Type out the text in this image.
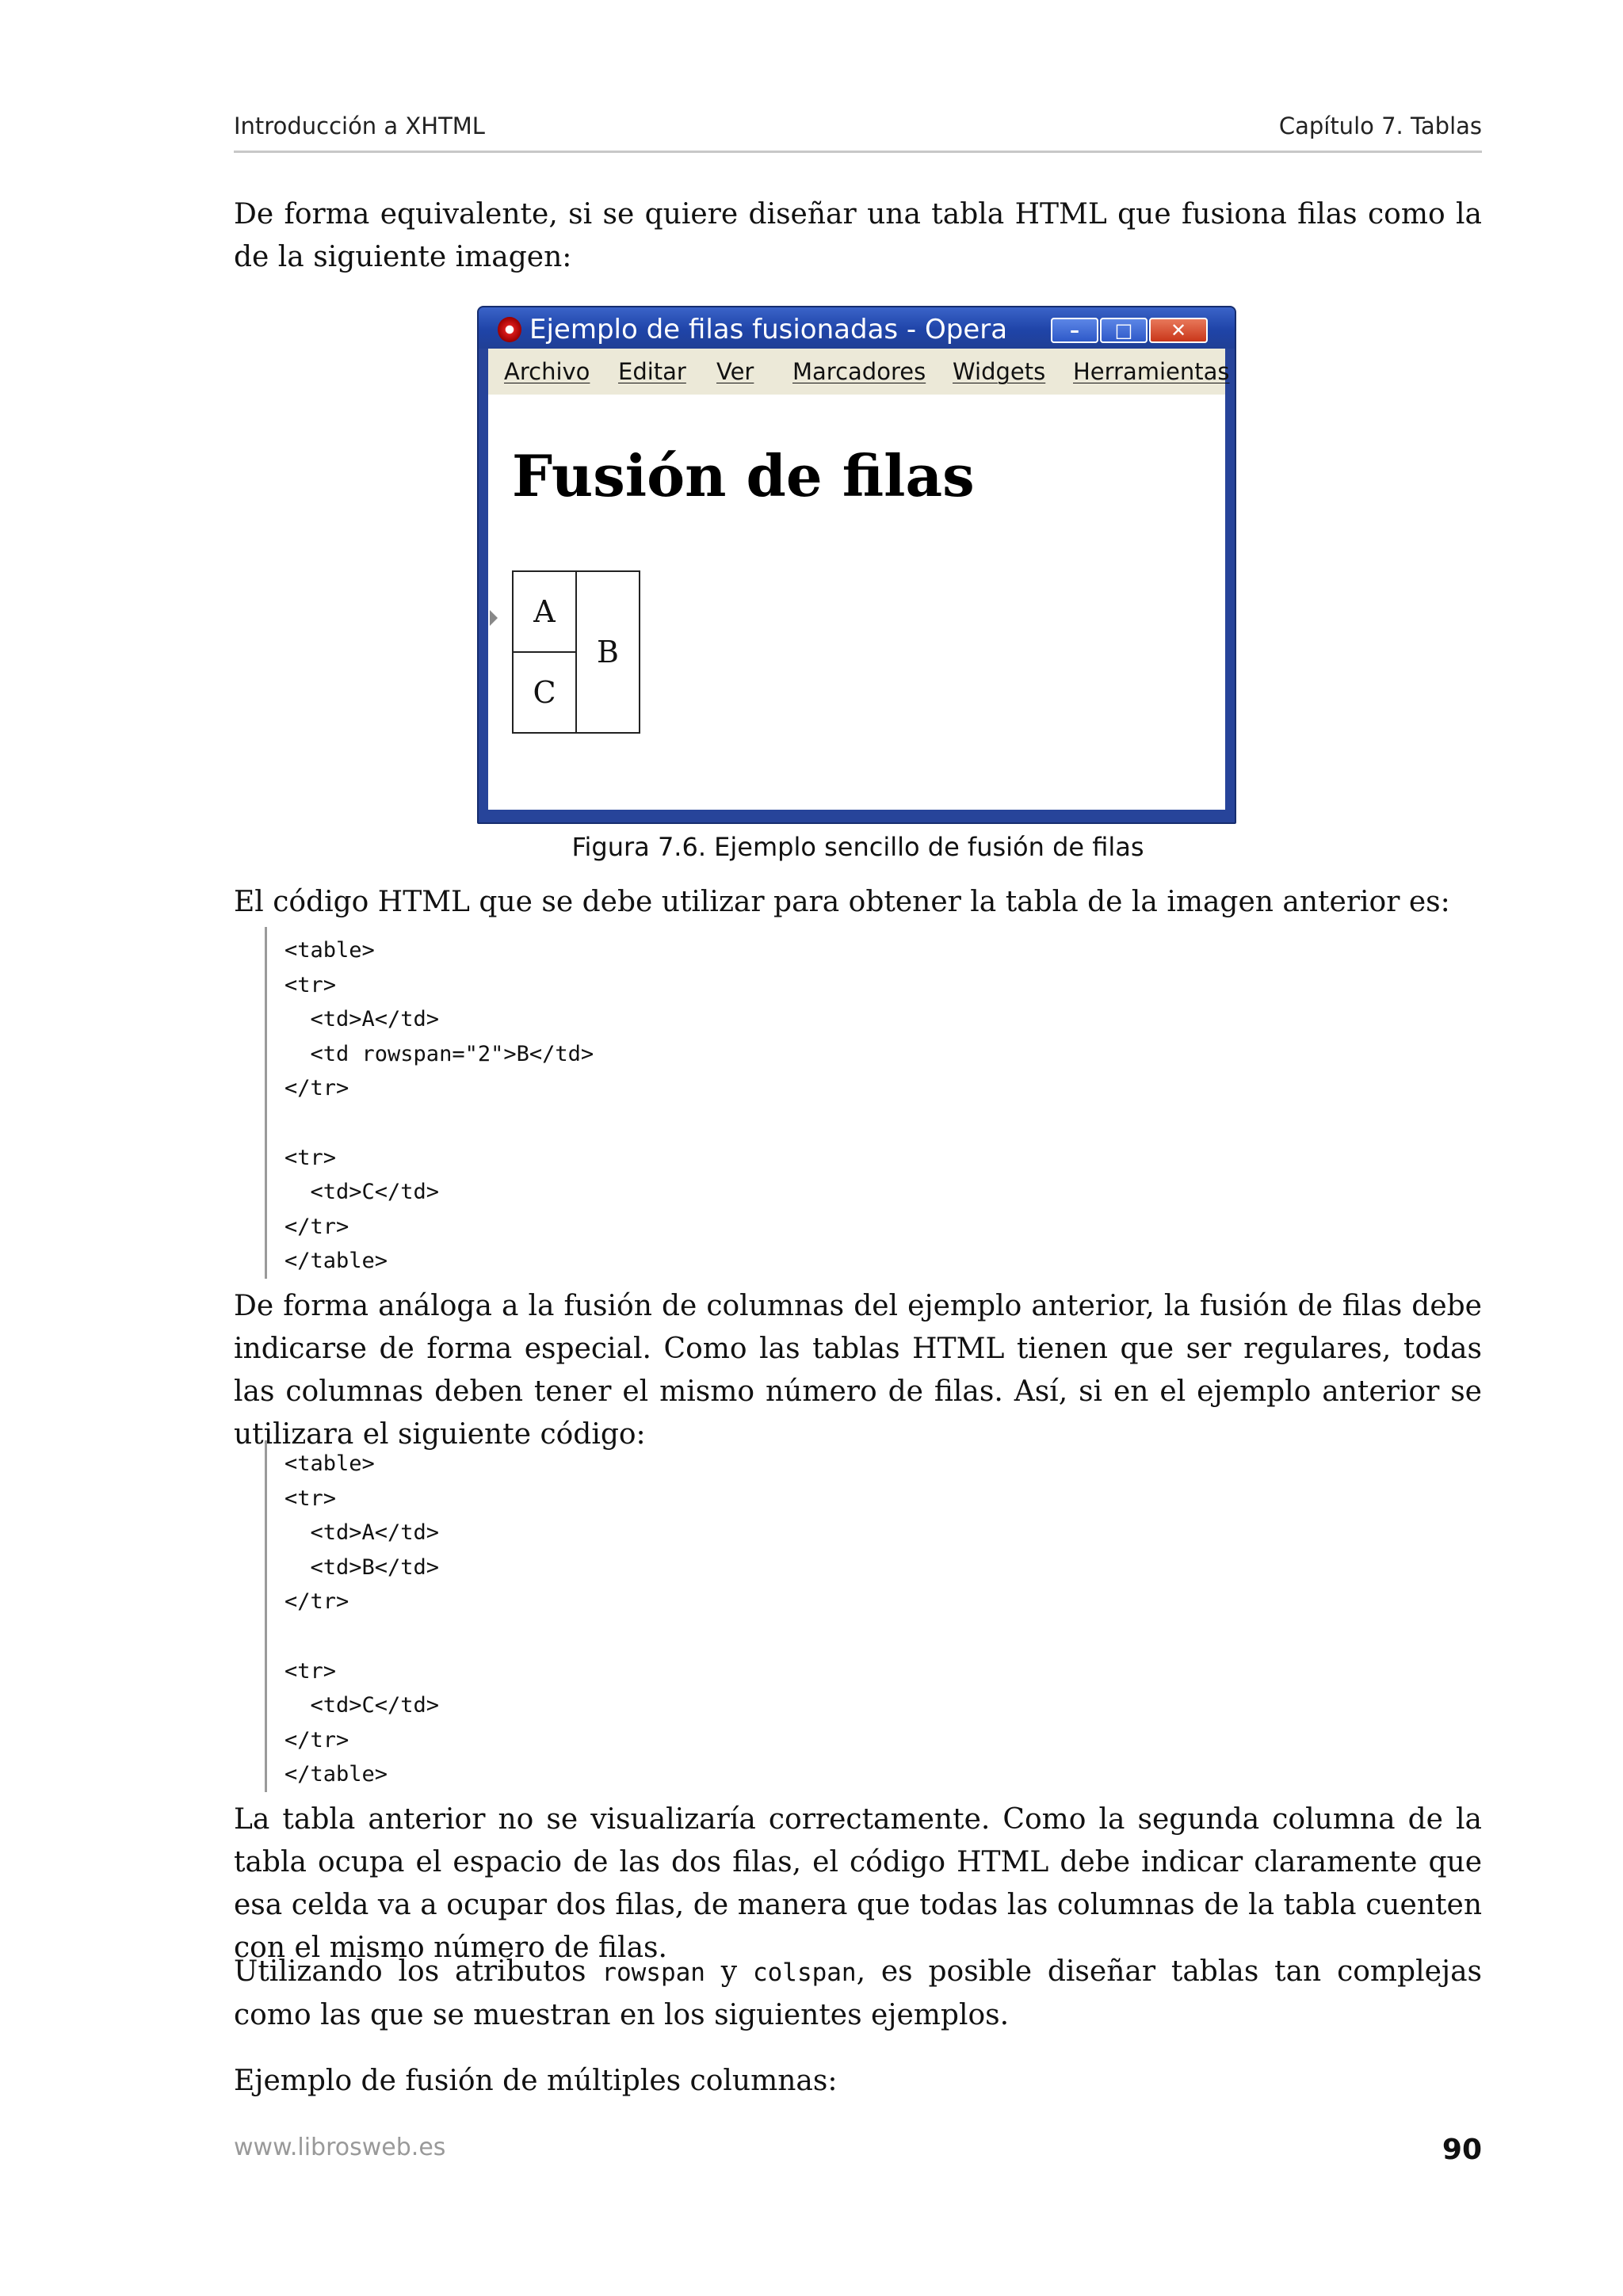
Introducción a XHTML	Capítulo 7. Tablas

De forma equivalente, si se quiere diseñar una tabla HTML que fusiona filas como la de la siguiente imagen:

Ejemplo de filas fusionadas - Opera	–	□	✕
Archivo Editar Ver Marcadores Widgets Herramientas
Fusión de filas
A	B
C
Figura 7.6. Ejemplo sencillo de fusión de filas

El código HTML que se debe utilizar para obtener la tabla de la imagen anterior es:

<table>
<tr>
<td>A</td>
<td rowspan="2">B</td>
</tr>

<tr>
<td>C</td>
</tr>
</table>

De forma análoga a la fusión de columnas del ejemplo anterior, la fusión de filas debe indicarse de forma especial. Como las tablas HTML tienen que ser regulares, todas las columnas deben tener el mismo número de filas. Así, si en el ejemplo anterior se utilizara el siguiente código:

<table>
<tr>
<td>A</td>
<td>B</td>
</tr>

<tr>
<td>C</td>
</tr>
</table>

La tabla anterior no se visualizaría correctamente. Como la segunda columna de la tabla ocupa el espacio de las dos filas, el código HTML debe indicar claramente que esa celda va a ocupar dos filas, de manera que todas las columnas de la tabla cuenten con el mismo número de filas.

Utilizando los atributos rowspan y colspan, es posible diseñar tablas tan complejas como las que se muestran en los siguientes ejemplos.

Ejemplo de fusión de múltiples columnas:

www.librosweb.es	90
